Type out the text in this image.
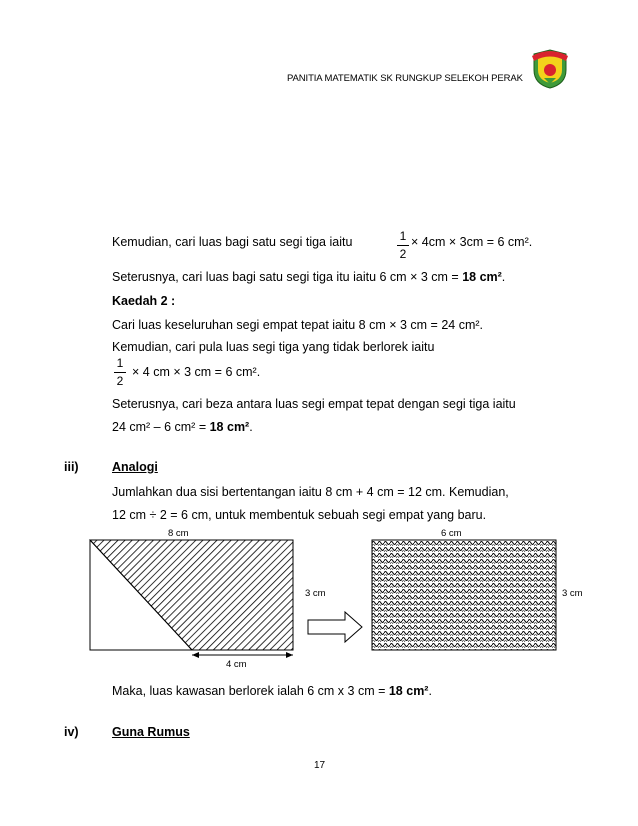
PANITIA MATEMATIK SK RUNGKUP SELEKOH PERAK
Kemudian, cari luas bagi satu segi tiga iaitu	1
2
× 4cm × 3cm = 6 cm².
Seterusnya, cari luas bagi satu segi tiga itu iaitu 6 cm × 3 cm = 18 cm².
Kaedah 2 :
Cari luas keseluruhan segi empat tepat iaitu 8 cm × 3 cm = 24 cm².
Kemudian, cari pula luas segi tiga yang tidak berlorek iaitu
1
2
× 4 cm × 3 cm = 6 cm².
Seterusnya, cari beza antara luas segi empat tepat dengan segi tiga iaitu
24 cm² – 6 cm² = 18 cm².
iii)	Analogi
Jumlahkan dua sisi bertentangan iaitu 8 cm + 4 cm = 12 cm. Kemudian,
12 cm ÷ 2 = 6 cm, untuk membentuk sebuah segi empat yang baru.
8 cm	6 cm
3 cm	3 cm
4 cm
Maka, luas kawasan berlorek ialah 6 cm x 3 cm = 18 cm².
iv)	Guna Rumus
17
